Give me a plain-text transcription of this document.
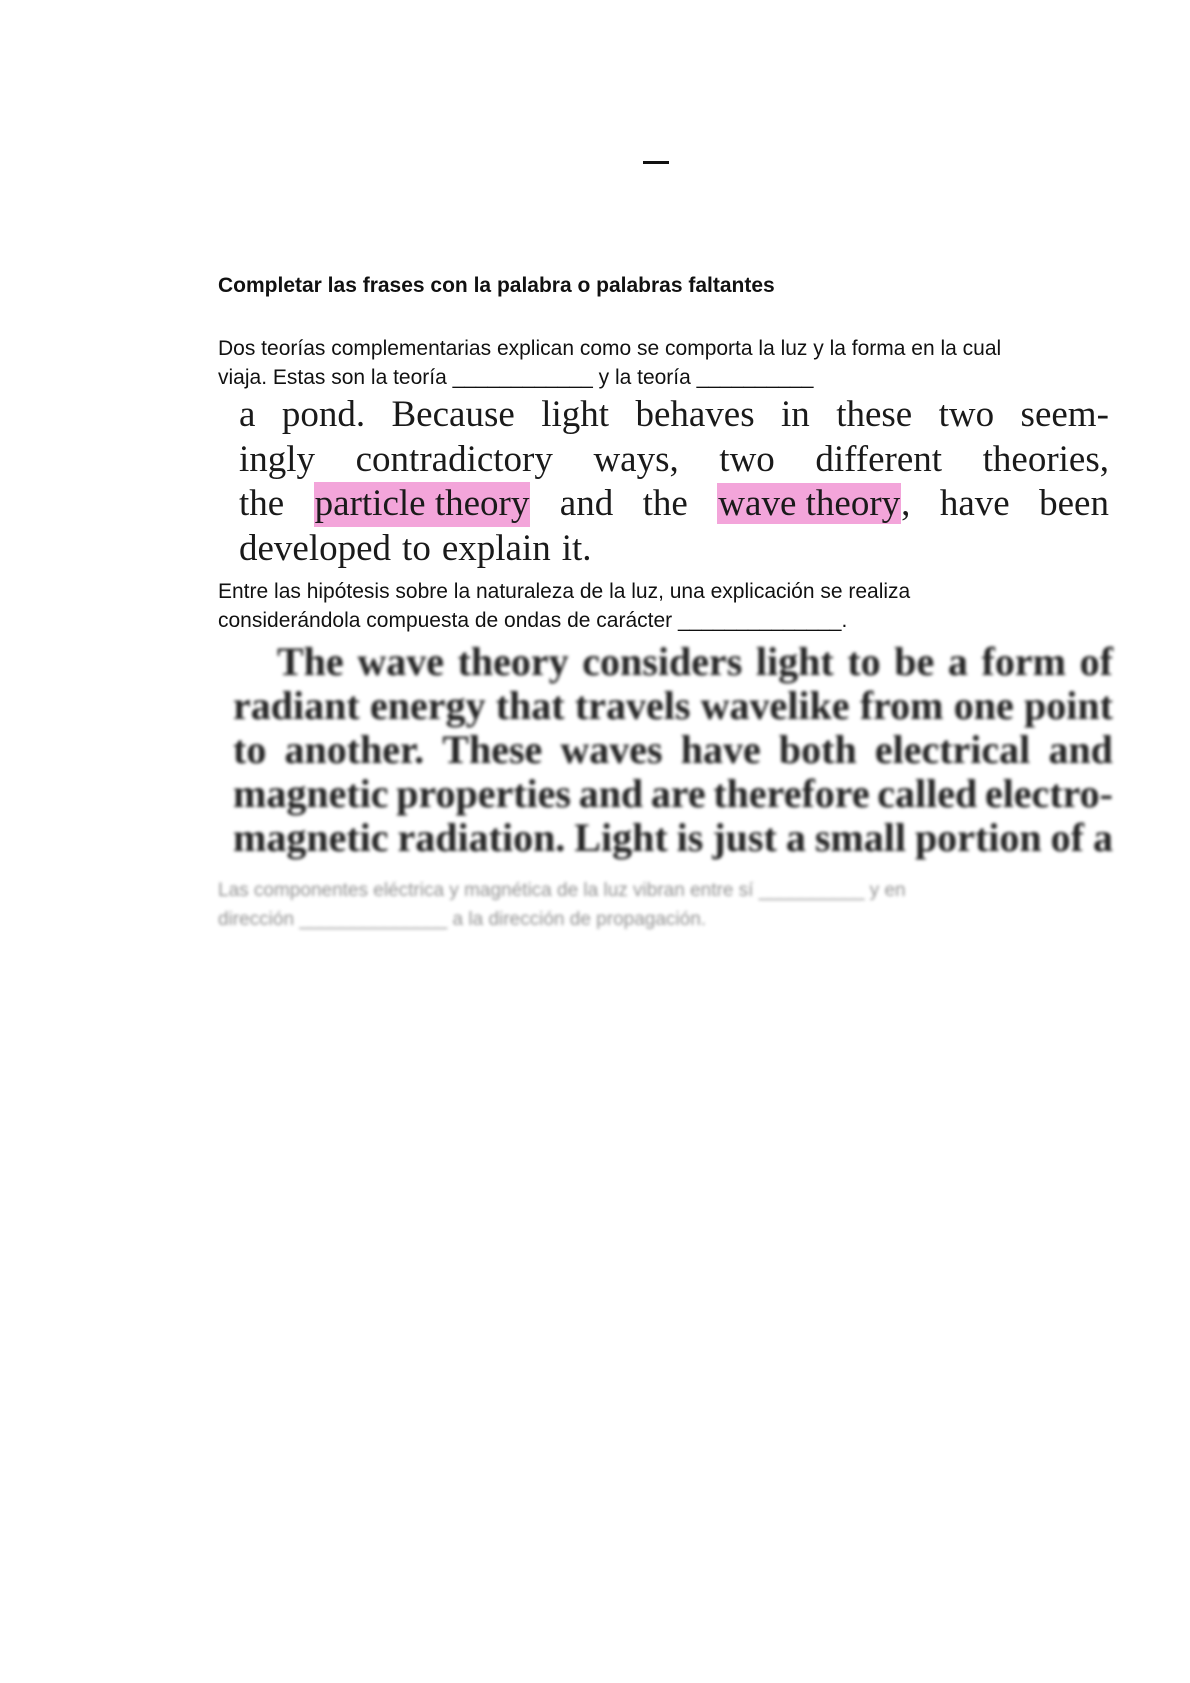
Completar las frases con la palabra o palabras faltantes

Dos teorías complementarias explican como se comporta la luz y la forma en la cual

viaja. Estas son la teoría ____________ y la teoría __________

a pond. Because light behaves in these two seem-
ingly contradictory ways, two different theories,
the particle theory and the wave theory, have been
developed to explain it.

Entre las hipótesis sobre la naturaleza de la luz, una explicación se realiza

considerándola compuesta de ondas de carácter ______________.

The wave theory considers light to be a form of
radiant energy that travels wavelike from one point
to another. These waves have both electrical and
magnetic properties and are therefore called electro-
magnetic radiation. Light is just a small portion of a

Las componentes eléctrica y magnética de la luz vibran entre sí __________ y en

dirección ______________ a la dirección de propagación.
